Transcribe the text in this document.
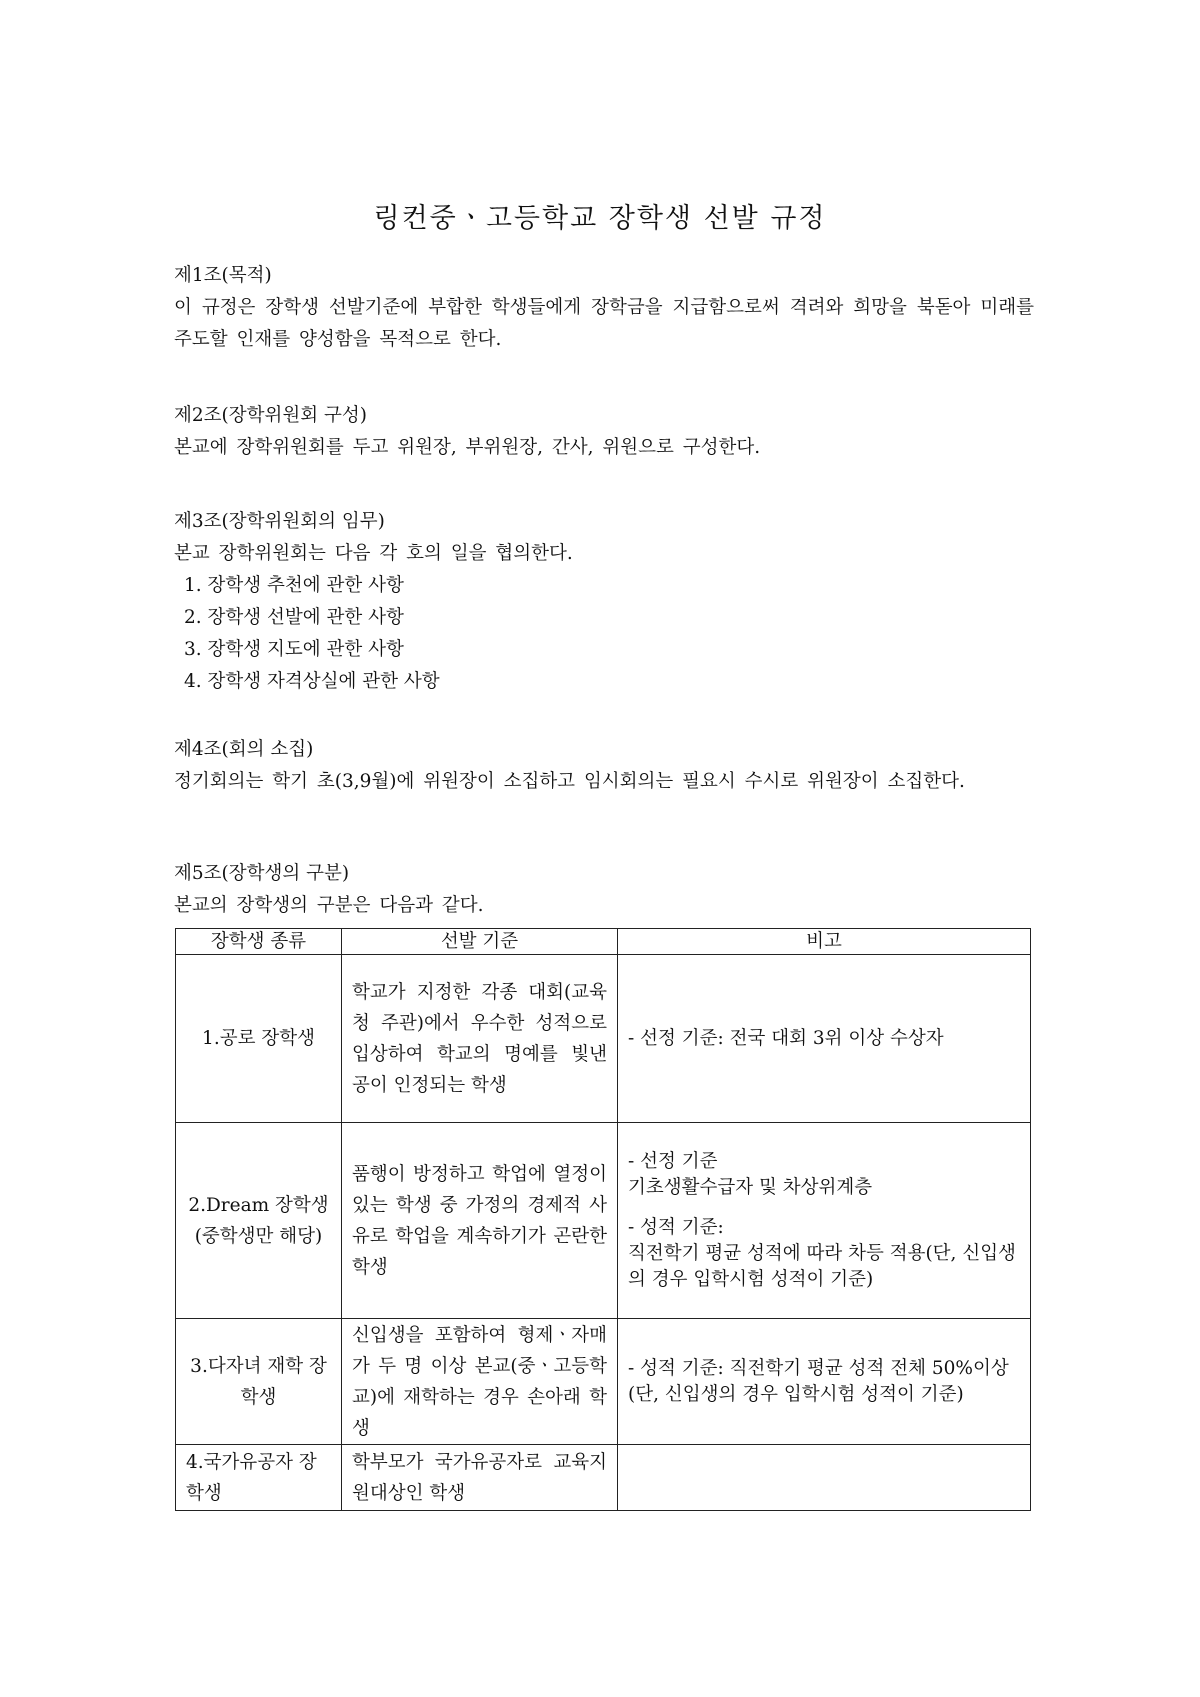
링컨중ㆍ고등학교 장학생 선발 규정

제1조(목적)

이 규정은 장학생 선발기준에 부합한 학생들에게 장학금을 지급함으로써 격려와 희망을 북돋아 미래를 주도할 인재를 양성함을 목적으로 한다.

제2조(장학위원회 구성)

본교에 장학위원회를 두고 위원장, 부위원장, 간사, 위원으로 구성한다.

제3조(장학위원회의 임무)

본교 장학위원회는 다음 각 호의 일을 협의한다.

1. 장학생 추천에 관한 사항
2. 장학생 선발에 관한 사항
3. 장학생 지도에 관한 사항
4. 장학생 자격상실에 관한 사항

제4조(회의 소집)

정기회의는 학기 초(3,9월)에 위원장이 소집하고 임시회의는 필요시 수시로 위원장이 소집한다.

제5조(장학생의 구분)

본교의 장학생의 구분은 다음과 같다.

장학생 종류	선발 기준	비고
1.공로 장학생	학교가 지정한 각종 대회(교육청 주관)에서 우수한 성적으로 입상하여 학교의 명예를 빛낸 공이 인정되는 학생	- 선정 기준: 전국 대회 3위 이상 수상자

2.Dream 장학생 (중학생만 해당)	품행이 방정하고 학업에 열정이 있는 학생 중 가정의 경제적 사유로 학업을 계속하기가 곤란한 학생	- 선정 기준
기초생활수급자 및 차상위계층
- 성적 기준:
직전학기 평균 성적에 따라 차등 적용(단, 신입생의 경우 입학시험 성적이 기준)

3.다자녀 재학 장학생	신입생을 포함하여 형제ㆍ자매가 두 명 이상 본교(중ㆍ고등학교)에 재학하는 경우 손아래 학생	- 성적 기준: 직전학기 평균 성적 전체 50%이상(단, 신입생의 경우 입학시험 성적이 기준)

4.국가유공자 장학생	학부모가 국가유공자로 교육지원대상인 학생	
